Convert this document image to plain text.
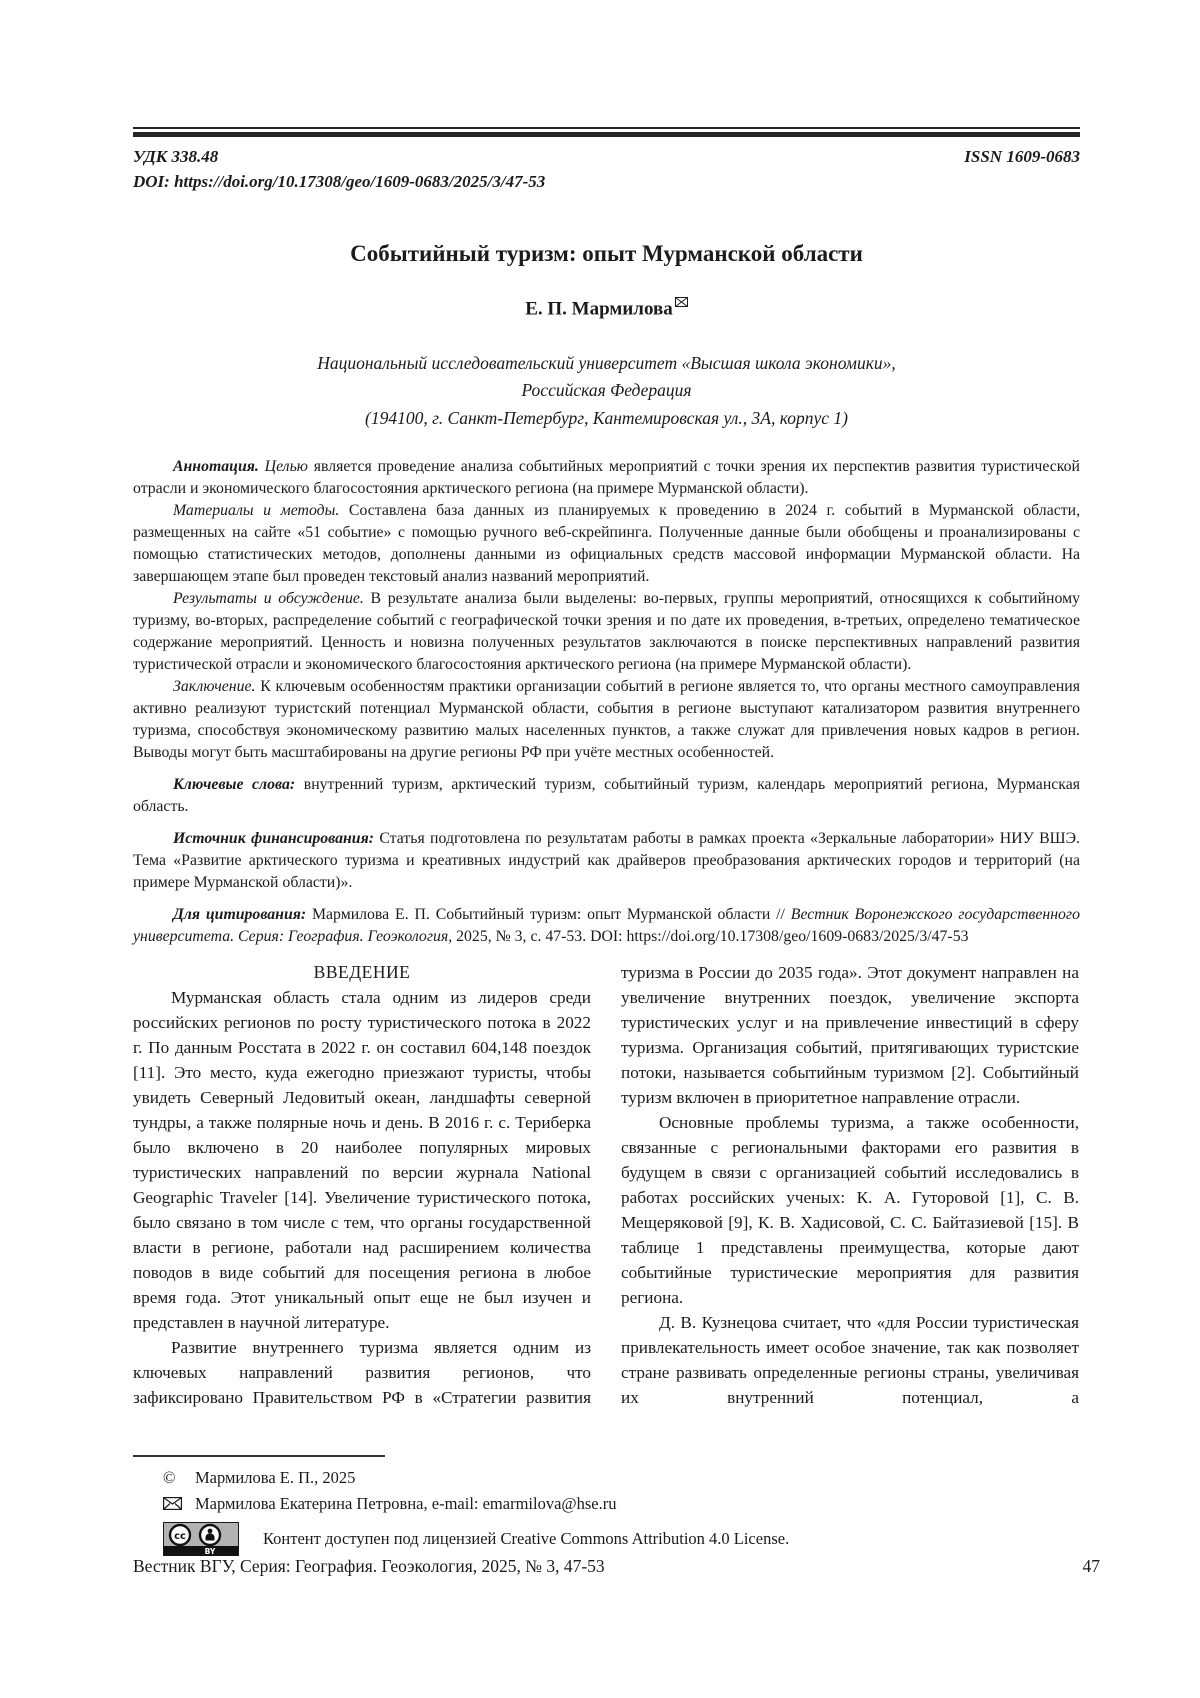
УДК 338.48	ISSN 1609-0683
DOI: https://doi.org/10.17308/geo/1609-0683/2025/3/47-53
Событийный туризм: опыт Мурманской области
Е. П. Мармилова
Национальный исследовательский университет «Высшая школа экономики»,
Российская Федерация
(194100, г. Санкт-Петербург, Кантемировская ул., 3А, корпус 1)

Аннотация. Целью является проведение анализа событийных мероприятий с точки зрения их перспектив развития туристической отрасли и экономического благосостояния арктического региона (на примере Мурманской области).

Материалы и методы. Составлена база данных из планируемых к проведению в 2024 г. событий в Мурманской области, размещенных на сайте «51 событие» с помощью ручного веб-скрейпинга. Полученные данные были обобщены и проанализированы с помощью статистических методов, дополнены данными из официальных средств массовой информации Мурманской области. На завершающем этапе был проведен текстовый анализ названий мероприятий.

Результаты и обсуждение. В результате анализа были выделены: во-первых, группы мероприятий, относящихся к событийному туризму, во-вторых, распределение событий с географической точки зрения и по дате их проведения, в-третьих, определено тематическое содержание мероприятий. Ценность и новизна полученных результатов заключаются в поиске перспективных направлений развития туристической отрасли и экономического благосостояния арктического региона (на примере Мурманской области).

Заключение. К ключевым особенностям практики организации событий в регионе является то, что органы местного самоуправления активно реализуют туристский потенциал Мурманской области, события в регионе выступают катализатором развития внутреннего туризма, способствуя экономическому развитию малых населенных пунктов, а также служат для привлечения новых кадров в регион. Выводы могут быть масштабированы на другие регионы РФ при учёте местных особенностей.

Ключевые слова: внутренний туризм, арктический туризм, событийный туризм, календарь мероприятий региона, Мурманская область.

Источник финансирования: Статья подготовлена по результатам работы в рамках проекта «Зеркальные лаборатории» НИУ ВШЭ. Тема «Развитие арктического туризма и креативных индустрий как драйверов преобразования арктических городов и территорий (на примере Мурманской области)».

Для цитирования: Мармилова Е. П. Событийный туризм: опыт Мурманской области // Вестник Воронежского государственного университета. Серия: География. Геоэкология, 2025, № 3, с. 47-53. DOI: https://doi.org/10.17308/geo/1609-0683/2025/3/47-53

ВВЕДЕНИЕ

Мурманская область стала одним из лидеров среди российских регионов по росту туристического потока в 2022 г. По данным Росстата в 2022 г. он составил 604,148 поездок [11]. Это место, куда ежегодно приезжают туристы, чтобы увидеть Северный Ледовитый океан, ландшафты северной тундры, а также полярные ночь и день. В 2016 г. с. Териберка было включено в 20 наиболее популярных мировых туристических направлений по версии журнала National Geographic Traveler [14]. Увеличение туристического потока, было связано в том числе с тем, что органы государственной власти в регионе, работали над расширением количества поводов в виде событий для посещения региона в любое время года. Этот уникальный опыт еще не был изучен и представлен в научной литературе.

Развитие внутреннего туризма является одним из ключевых направлений развития регионов, что зафиксировано Правительством РФ в «Стратегии развития

туризма в России до 2035 года». Этот документ направлен на увеличение внутренних поездок, увеличение экспорта туристических услуг и на привлечение инвестиций в сферу туризма. Организация событий, притягивающих туристские потоки, называется событийным туризмом [2]. Событийный туризм включен в приоритетное направление отрасли.

Основные проблемы туризма, а также особенности, связанные с региональными факторами его развития в будущем в связи с организацией событий исследовались в работах российских ученых: К. А. Гуторовой [1], С. В. Мещеряковой [9], К. В. Хадисовой, С. С. Байтазиевой [15]. В таблице 1 представлены преимущества, которые дают событийные туристические мероприятия для развития региона.

Д. В. Кузнецова считает, что «для России туристическая привлекательность имеет особое значение, так как позволяет стране развивать определенные регионы страны, увеличивая их внутренний потенциал, а

©	Мармилова Е. П., 2025
Мармилова Екатерина Петровна, e-mail: emarmilova@hse.ru
cc
BY
Контент доступен под лицензией Creative Commons Attribution 4.0 License.
Вестник ВГУ, Серия: География. Геоэкология, 2025, № 3, 47-53	47
